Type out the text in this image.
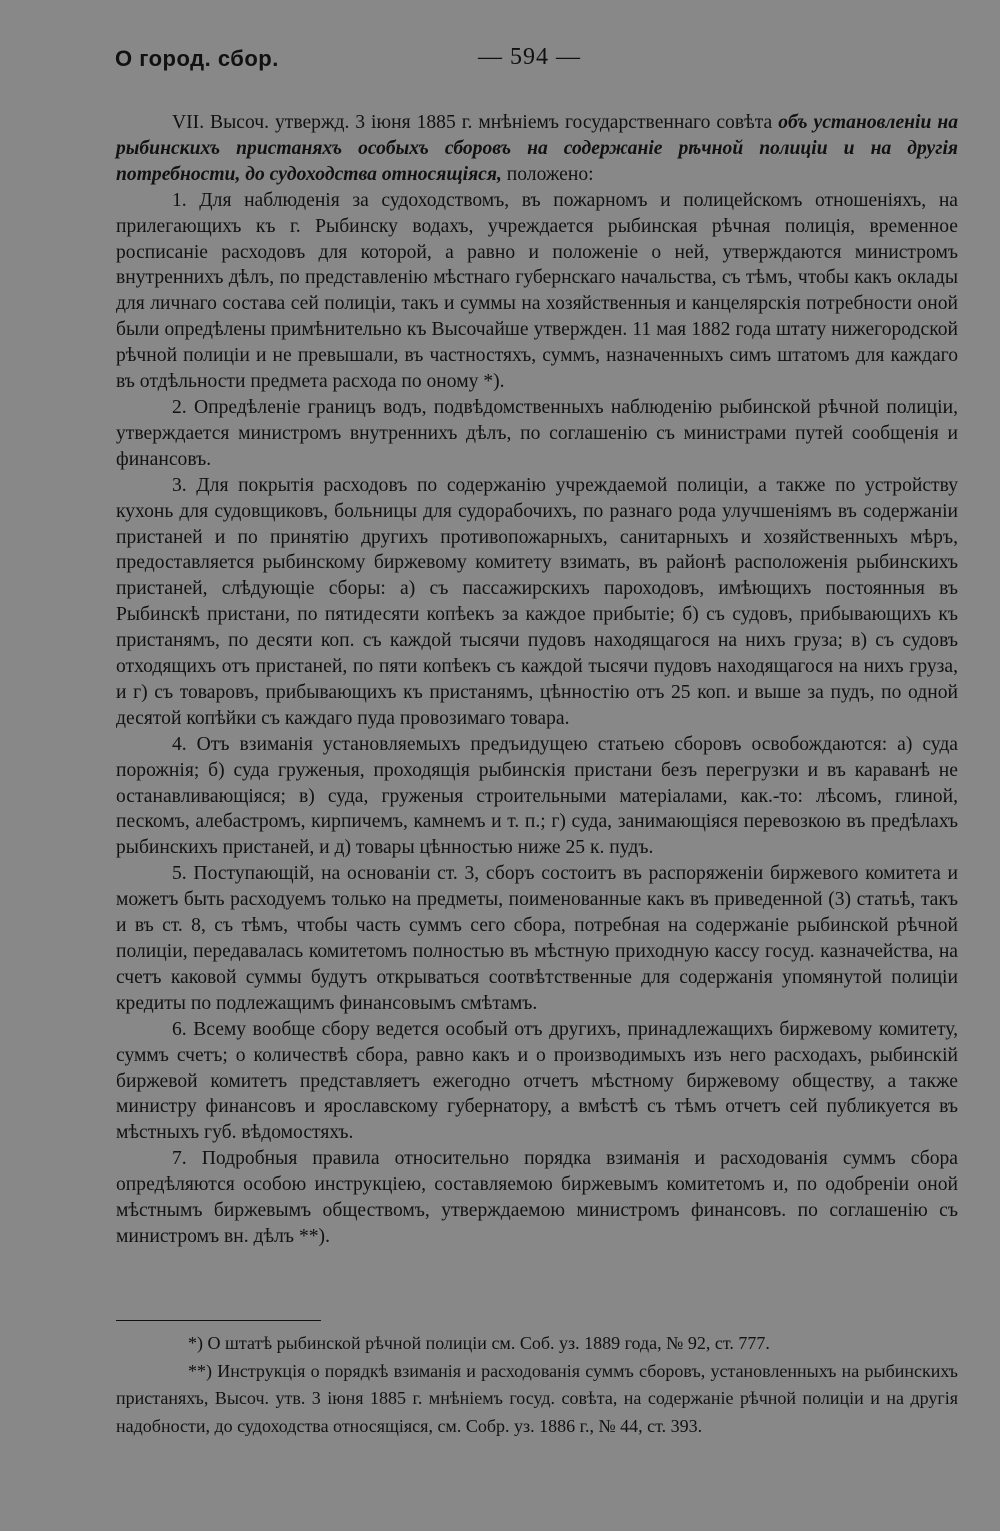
О город. сбор.	— 594 —

VII. Высоч. утвержд. 3 іюня 1885 г. мнѣніемъ государственнаго совѣта объ установленіи на рыбинскихъ пристаняхъ особыхъ сборовъ на содержаніе рѣчной полиціи и на другія потребности, до судоходства относящіяся, положено:

1. Для наблюденія за судоходствомъ, въ пожарномъ и полицейскомъ отношеніяхъ, на прилегающихъ къ г. Рыбинску водахъ, учреждается рыбинская рѣчная полиція, временное росписаніе расходовъ для которой, а равно и положеніе о ней, утверждаются министромъ внутреннихъ дѣлъ, по представленію мѣстнаго губернскаго начальства, съ тѣмъ, чтобы какъ оклады для личнаго состава сей полиціи, такъ и суммы на хозяйственныя и канцелярскія потребности оной были опредѣлены примѣнительно къ Высочайше утвержден. 11 мая 1882 года штату нижегородской рѣчной полиціи и не превышали, въ частностяхъ, суммъ, назначенныхъ симъ штатомъ для каждаго въ отдѣльности предмета расхода по оному *).

2. Опредѣленіе границъ водъ, подвѣдомственныхъ наблюденію рыбинской рѣчной полиціи, утверждается министромъ внутреннихъ дѣлъ, по соглашенію съ министрами путей сообщенія и финансовъ.

3. Для покрытія расходовъ по содержанію учреждаемой полиціи, а также по устройству кухонь для судовщиковъ, больницы для судорабочихъ, по разнаго рода улучшеніямъ въ содержаніи пристаней и по принятію другихъ противопожарныхъ, санитарныхъ и хозяйственныхъ мѣръ, предоставляется рыбинскому биржевому комитету взимать, въ районѣ расположенія рыбинскихъ пристаней, слѣдующіе сборы: а) съ пассажирскихъ пароходовъ, имѣющихъ постоянныя въ Рыбинскѣ пристани, по пятидесяти копѣекъ за каждое прибытіе; б) съ судовъ, прибывающихъ къ пристанямъ, по десяти коп. съ каждой тысячи пудовъ находящагося на нихъ груза; в) съ судовъ отходящихъ отъ пристаней, по пяти копѣекъ съ каждой тысячи пудовъ находящагося на нихъ груза, и г) съ товаровъ, прибывающихъ къ пристанямъ, цѣнностію отъ 25 коп. и выше за пудъ, по одной десятой копѣйки съ каждаго пуда провозимаго товара.

4. Отъ взиманія установляемыхъ предъидущею статьею сборовъ освобождаются: а) суда порожнія; б) суда груженыя, проходящія рыбинскія пристани безъ перегрузки и въ караванѣ не останавливающіяся; в) суда, груженыя строительными матеріалами, как.-то: лѣсомъ, глиной, пескомъ, алебастромъ, кирпичемъ, камнемъ и т. п.; г) суда, занимающіяся перевозкою въ предѣлахъ рыбинскихъ пристаней, и д) товары цѣнностью ниже 25 к. пудъ.

5. Поступающій, на основаніи ст. 3, сборъ состоитъ въ распоряженіи биржевого комитета и можетъ быть расходуемъ только на предметы, поименованные какъ въ приведенной (3) статьѣ, такъ и въ ст. 8, съ тѣмъ, чтобы часть суммъ сего сбора, потребная на содержаніе рыбинской рѣчной полиціи, передавалась комитетомъ полностью въ мѣстную приходную кассу госуд. казначейства, на счетъ каковой суммы будутъ открываться соотвѣтственные для содержанія упомянутой полиціи кредиты по подлежащимъ финансовымъ смѣтамъ.

6. Всему вообще сбору ведется особый отъ другихъ, принадлежащихъ биржевому комитету, суммъ счетъ; о количествѣ сбора, равно какъ и о производимыхъ изъ него расходахъ, рыбинскій биржевой комитетъ представляетъ ежегодно отчетъ мѣстному биржевому обществу, а также министру финансовъ и ярославскому губернатору, а вмѣстѣ съ тѣмъ отчетъ сей публикуется въ мѣстныхъ губ. вѣдомостяхъ.

7. Подробныя правила относительно порядка взиманія и расходованія суммъ сбора опредѣляются особою инструкціею, составляемою биржевымъ комитетомъ и, по одобреніи оной мѣстнымъ биржевымъ обществомъ, утверждаемою министромъ финансовъ. по соглашенію съ министромъ вн. дѣлъ **).

*) О штатѣ рыбинской рѣчной полиціи см. Соб. уз. 1889 года, № 92, ст. 777.

**) Инструкція о порядкѣ взиманія и расходованія суммъ сборовъ, установленныхъ на рыбинскихъ пристаняхъ, Высоч. утв. 3 іюня 1885 г. мнѣніемъ госуд. совѣта, на содержаніе рѣчной полиціи и на другія надобности, до судоходства относящіяся, см. Собр. уз. 1886 г., № 44, ст. 393.
